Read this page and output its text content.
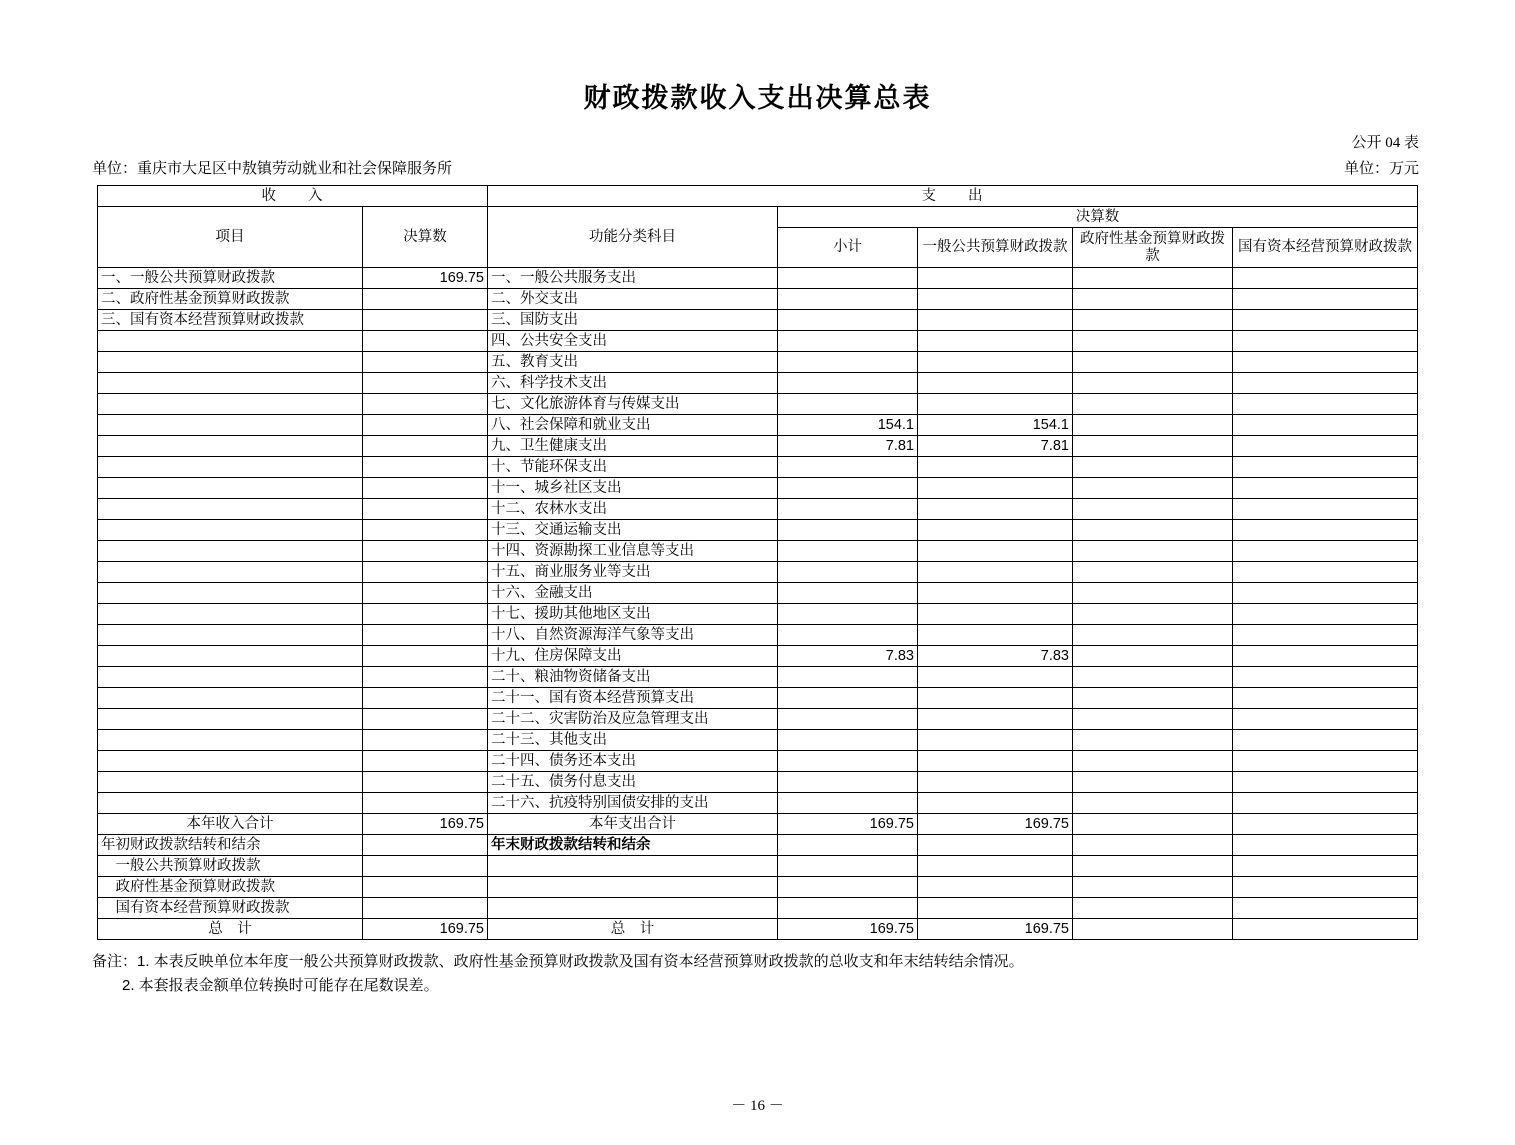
财政拨款收入支出决算总表
公开 04 表
单位：重庆市大足区中敖镇劳动就业和社会保障服务所	单位：万元
收　　入		支　　出				
项目	决算数	功能分类科目	决算数			
			小计	一般公共预算财政拨款	政府性基金预算财政拨款	国有资本经营预算财政拨款
一、一般公共预算财政拨款	169.75	一、一般公共服务支出				
二、政府性基金预算财政拨款		二、外交支出				
三、国有资本经营预算财政拨款		三、国防支出				
		四、公共安全支出				
		五、教育支出				
		六、科学技术支出				
		七、文化旅游体育与传媒支出				
		八、社会保障和就业支出	154.1	154.1		
		九、卫生健康支出	7.81	7.81		
		十、节能环保支出				
		十一、城乡社区支出				
		十二、农林水支出				
		十三、交通运输支出				
		十四、资源勘探工业信息等支出				
		十五、商业服务业等支出				
		十六、金融支出				
		十七、援助其他地区支出				
		十八、自然资源海洋气象等支出				
		十九、住房保障支出	7.83	7.83		
		二十、粮油物资储备支出				
		二十一、国有资本经营预算支出				
		二十二、灾害防治及应急管理支出				
		二十三、其他支出				
		二十四、债务还本支出				
		二十五、债务付息支出				
		二十六、抗疫特别国债安排的支出				
本年收入合计	169.75	本年支出合计	169.75	169.75		
年初财政拨款结转和结余		年末财政拨款结转和结余				
　一般公共预算财政拨款						
　政府性基金预算财政拨款						
　国有资本经营预算财政拨款						
总　计	169.75	总　计	169.75	169.75		
备注：1. 本表反映单位本年度一般公共预算财政拨款、政府性基金预算财政拨款及国有资本经营预算财政拨款的总收支和年末结转结余情况。
2. 本套报表金额单位转换时可能存在尾数误差。
－ 16 －
